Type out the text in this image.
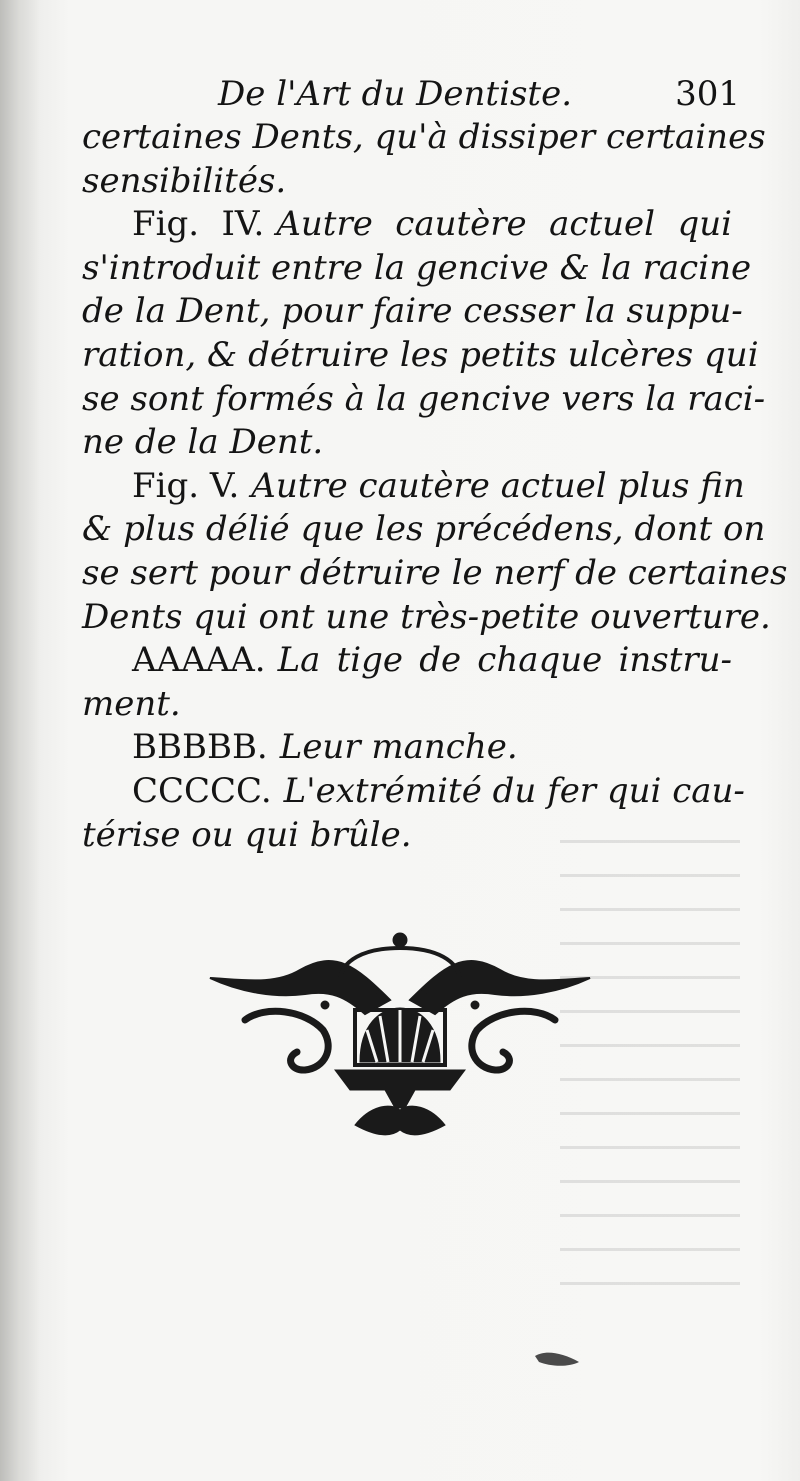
De l'Art du Dentiste.	301
certaines Dents, qu'à dissiper certaines
sensibilités.
Fig. IV. Autre cautère actuel qui
s'introduit entre la gencive & la racine
de la Dent, pour faire cesser la suppu-
ration, & détruire les petits ulcères qui
se sont formés à la gencive vers la raci-
ne de la Dent.
Fig. V. Autre cautère actuel plus fin
& plus délié que les précédens, dont on
se sert pour détruire le nerf de certaines
Dents qui ont une très-petite ouverture.
AAAAA. La tige de chaque instru-
ment.
BBBBB. Leur manche.
CCCCC. L'extrémité du fer qui cau-
térise ou qui brûle.
